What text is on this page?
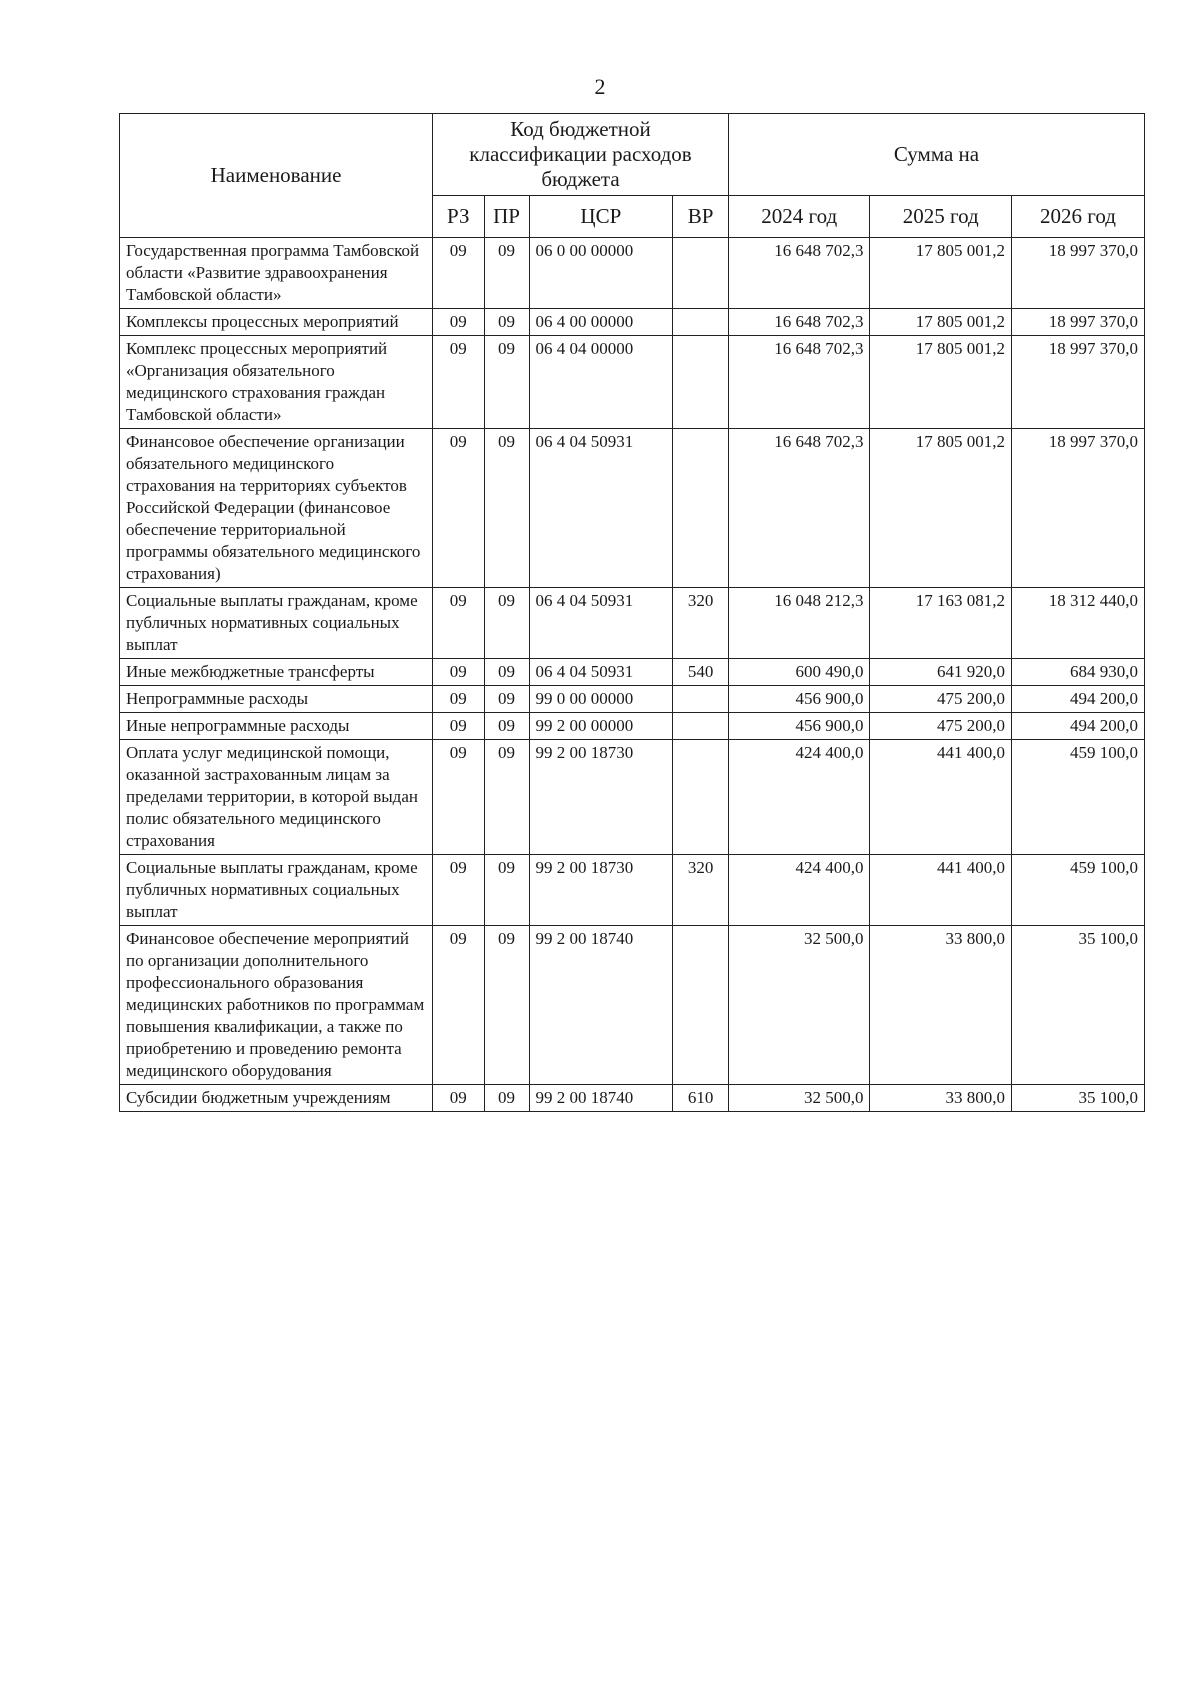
2
Наименование	Код бюджетной классификации расходов бюджета				Сумма на		
	РЗ	ПР	ЦСР	ВР	2024 год	2025 год	2026 год
Государственная программа Тамбовской области «Развитие здравоохранения Тамбовской области»	09	09	06 0 00 00000		16 648 702,3	17 805 001,2	18 997 370,0
Комплексы процессных мероприятий	09	09	06 4 00 00000		16 648 702,3	17 805 001,2	18 997 370,0
Комплекс процессных мероприятий «Организация обязательного медицинского страхования граждан Тамбовской области»	09	09	06 4 04 00000		16 648 702,3	17 805 001,2	18 997 370,0
Финансовое обеспечение организации обязательного медицинского страхования на территориях субъектов Российской Федерации (финансовое обеспечение территориальной программы обязательного медицинского страхования)	09	09	06 4 04 50931		16 648 702,3	17 805 001,2	18 997 370,0
Социальные выплаты гражданам, кроме публичных нормативных социальных выплат	09	09	06 4 04 50931	320	16 048 212,3	17 163 081,2	18 312 440,0
Иные межбюджетные трансферты	09	09	06 4 04 50931	540	600 490,0	641 920,0	684 930,0
Непрограммные расходы	09	09	99 0 00 00000		456 900,0	475 200,0	494 200,0
Иные непрограммные расходы	09	09	99 2 00 00000		456 900,0	475 200,0	494 200,0
Оплата услуг медицинской помощи, оказанной застрахованным лицам за пределами территории, в которой выдан полис обязательного медицинского страхования	09	09	99 2 00 18730		424 400,0	441 400,0	459 100,0
Социальные выплаты гражданам, кроме публичных нормативных социальных выплат	09	09	99 2 00 18730	320	424 400,0	441 400,0	459 100,0
Финансовое обеспечение мероприятий по организации дополнительного профессионального образования медицинских работников по программам повышения квалификации, а также по приобретению и проведению ремонта медицинского оборудования	09	09	99 2 00 18740		32 500,0	33 800,0	35 100,0
Субсидии бюджетным учреждениям	09	09	99 2 00 18740	610	32 500,0	33 800,0	35 100,0
